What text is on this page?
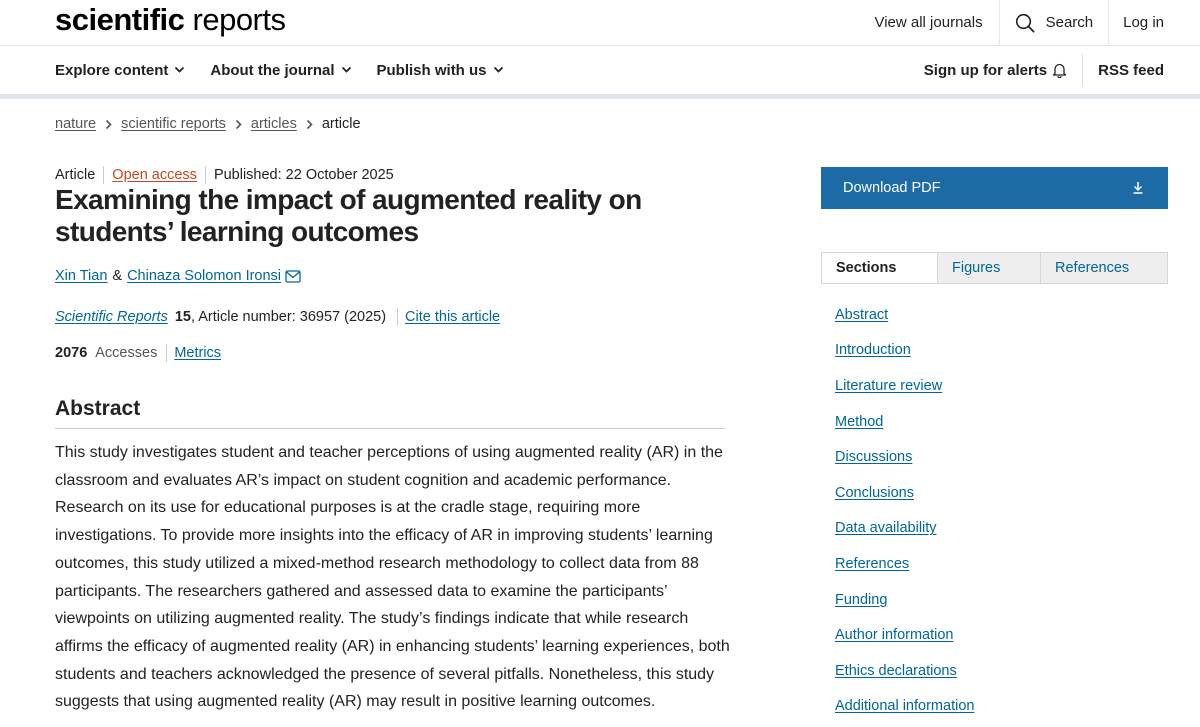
scientific reports	View all journals	Search	Log in
Explore content	About the journal	Publish with us	Sign up for alerts	RSS feed
nature scientific reports articles article
Article Open access Published: 22 October 2025
Examining the impact of augmented reality on students’ learning outcomes
Xin Tian & Chinaza Solomon Ironsi
Scientific Reports 15 , Article number: 36957 (2025) Cite this article
2076 Accesses Metrics
Abstract

This study investigates student and teacher perceptions of using augmented reality (AR) in the classroom and evaluates AR’s impact on student cognition and academic performance. Research on its use for educational purposes is at the cradle stage, requiring more investigations. To provide more insights into the efficacy of AR in improving students’ learning outcomes, this study utilized a mixed-method research methodology to collect data from 88 participants. The researchers gathered and assessed data to examine the participants’ viewpoints on utilizing augmented reality. The study’s findings indicate that while research affirms the efficacy of augmented reality (AR) in enhancing students’ learning experiences, both students and teachers acknowledged the presence of several pitfalls. Nonetheless, this study suggests that using augmented reality (AR) may result in positive learning outcomes.

Download PDF
Sections	Figures	References
Abstract
Introduction
Literature review
Method
Discussions
Conclusions
Data availability
References
Funding
Author information
Ethics declarations
Additional information
